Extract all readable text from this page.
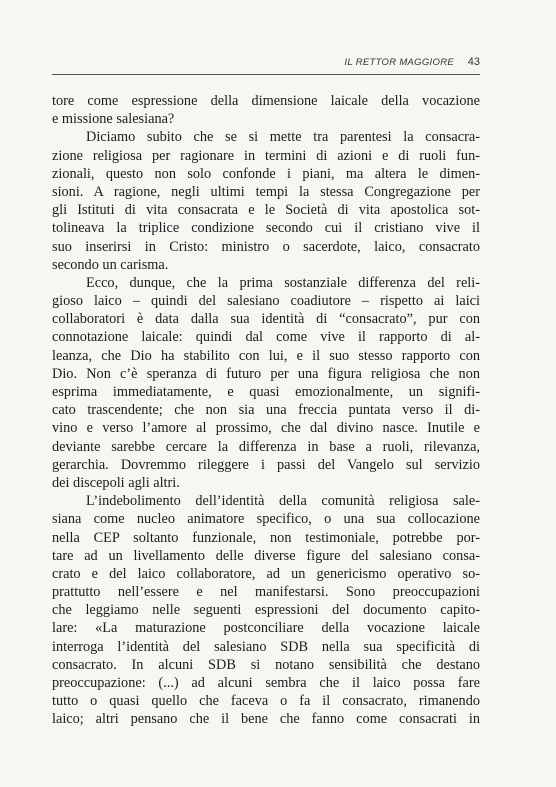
IL RETTOR MAGGIORE 43
tore come espressione della dimensione laicale della vocazione
e missione salesiana?
Diciamo subito che se si mette tra parentesi la consacra-
zione religiosa per ragionare in termini di azioni e di ruoli fun-
zionali, questo non solo confonde i piani, ma altera le dimen-
sioni. A ragione, negli ultimi tempi la stessa Congregazione per
gli Istituti di vita consacrata e le Società di vita apostolica sot-
tolineava la triplice condizione secondo cui il cristiano vive il
suo inserirsi in Cristo: ministro o sacerdote, laico, consacrato
secondo un carisma.
Ecco, dunque, che la prima sostanziale differenza del reli-
gioso laico – quindi del salesiano coadiutore – rispetto ai laici
collaboratori è data dalla sua identità di “consacrato”, pur con
connotazione laicale: quindi dal come vive il rapporto di al-
leanza, che Dio ha stabilito con lui, e il suo stesso rapporto con
Dio. Non c’è speranza di futuro per una figura religiosa che non
esprima immediatamente, e quasi emozionalmente, un signifi-
cato trascendente; che non sia una freccia puntata verso il di-
vino e verso l’amore al prossimo, che dal divino nasce. Inutile e
deviante sarebbe cercare la differenza in base a ruoli, rilevanza,
gerarchia. Dovremmo rileggere i passi del Vangelo sul servizio
dei discepoli agli altri.
L’indebolimento dell’identità della comunità religiosa sale-
siana come nucleo animatore specifico, o una sua collocazione
nella CEP soltanto funzionale, non testimoniale, potrebbe por-
tare ad un livellamento delle diverse figure del salesiano consa-
crato e del laico collaboratore, ad un genericismo operativo so-
prattutto nell’essere e nel manifestarsi. Sono preoccupazioni
che leggiamo nelle seguenti espressioni del documento capito-
lare: «La maturazione postconciliare della vocazione laicale
interroga l’identità del salesiano SDB nella sua specificità di
consacrato. In alcuni SDB si notano sensibilità che destano
preoccupazione: (...) ad alcuni sembra che il laico possa fare
tutto o quasi quello che faceva o fa il consacrato, rimanendo
laico; altri pensano che il bene che fanno come consacrati in
